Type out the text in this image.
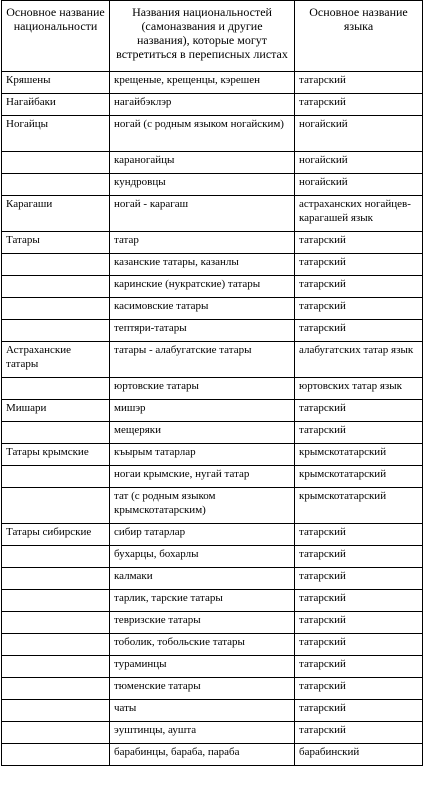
Основное название национальности	Названия национальностей (самоназвания и другие названия), которые могут встретиться в переписных листах	Основное название языка
Кряшены	крещеные, крещенцы, кэрешен	татарский
Нагайбаки	нагайбэклэр	татарский
Ногайцы	ногай (с родным языком ногайским)	ногайский
	караногайцы	ногайский
	кундровцы	ногайский
Карагаши	ногай - карагаш	астраханских ногайцев-карагашей язык
Татары	татар	татарский
	казанские татары, казанлы	татарский
	каринские (нукратские) татары	татарский
	касимовские татары	татарский
	тептяри-татары	татарский
Астраханские татары	татары - алабугатские татары	алабугатских татар язык
	юртовские татары	юртовских татар язык
Мишари	мишэр	татарский
	мещеряки	татарский
Татары крымские	къырым татарлар	крымскотатарский
	ногаи крымские, нугай татар	крымскотатарский
	тат (с родным языком крымскотатарским)	крымскотатарский
Татары сибирские	сибир татарлар	татарский
	бухарцы, бохарлы	татарский
	калмаки	татарский
	тарлик, тарские татары	татарский
	тевризские татары	татарский
	тоболик, тобольские татары	татарский
	тураминцы	татарский
	тюменские татары	татарский
	чаты	татарский
	эуштинцы, аушта	татарский
	барабинцы, бараба, параба	барабинский
